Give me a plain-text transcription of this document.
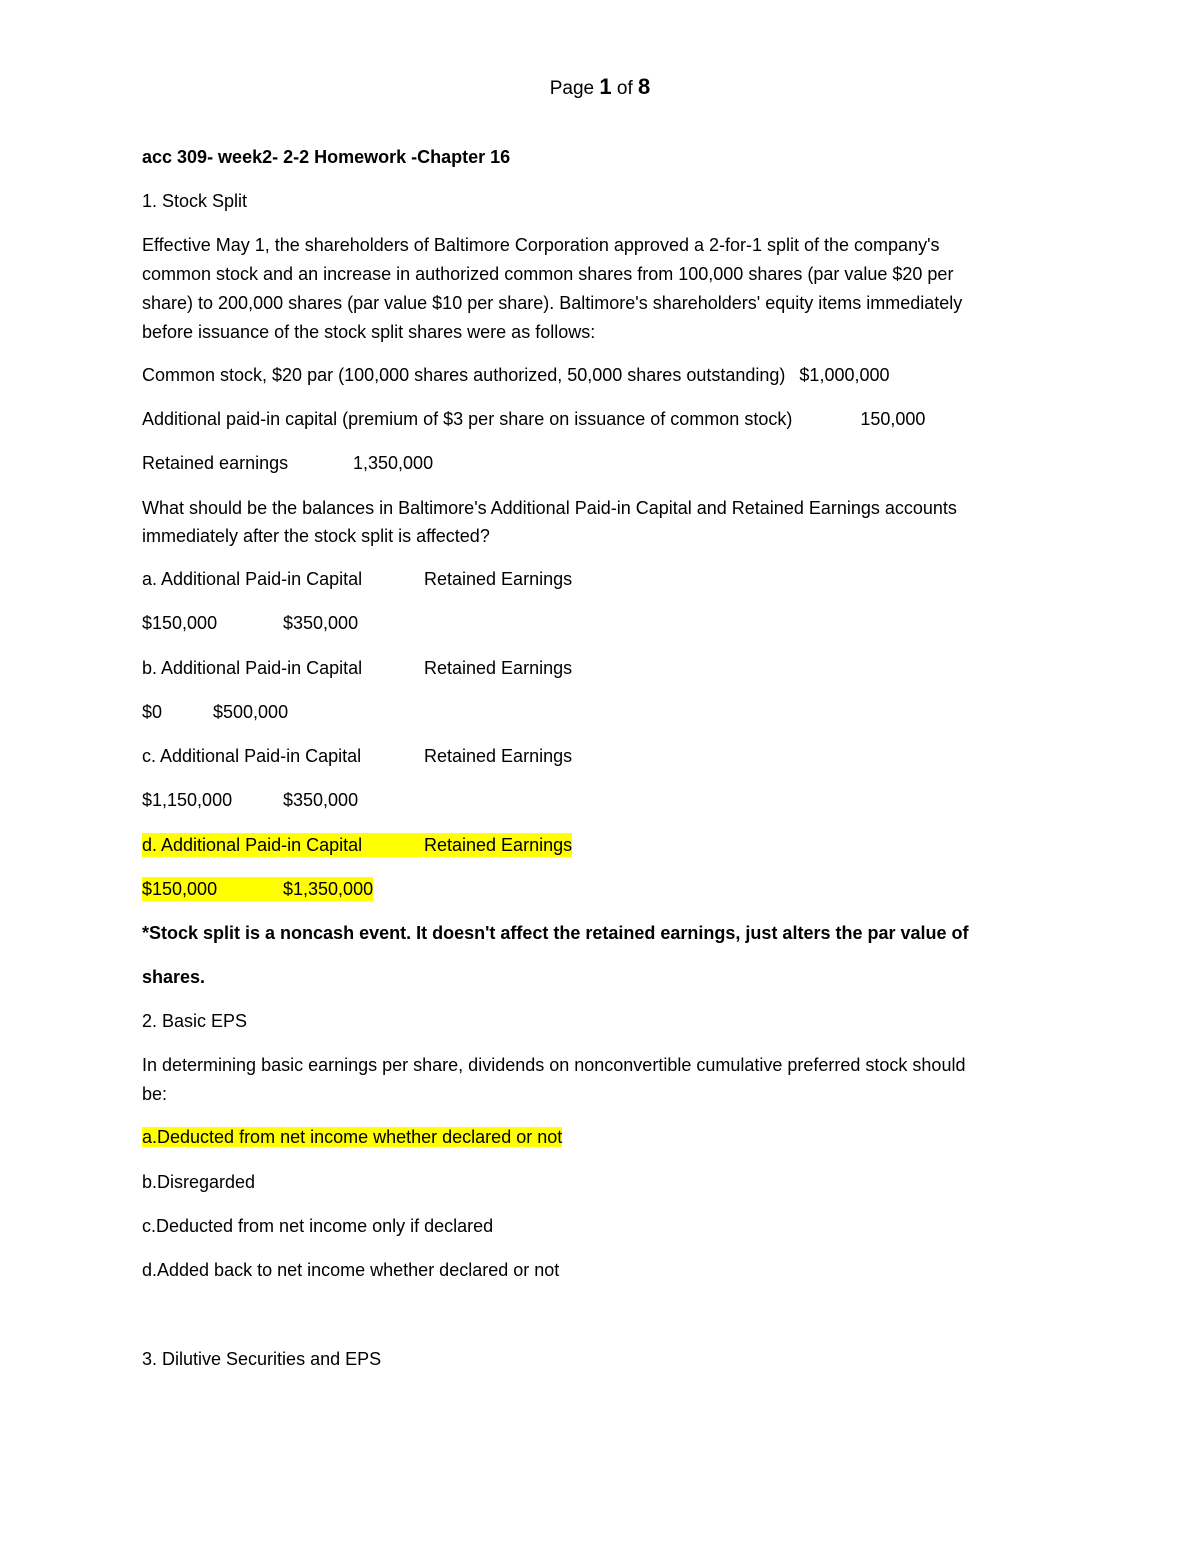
Page 1 of 8
acc 309- week2- 2-2 Homework -Chapter 16
1. Stock Split
Effective May 1, the shareholders of Baltimore Corporation approved a 2-for-1 split of the company's
common stock and an increase in authorized common shares from 100,000 shares (par value $20 per
share) to 200,000 shares (par value $10 per share). Baltimore's shareholders' equity items immediately
before issuance of the stock split shares were as follows:
Common stock, $20 par (100,000 shares authorized, 50,000 shares outstanding) $1,000,000
Additional paid-in capital (premium of $3 per share on issuance of common stock)	150,000
Retained earnings	1,350,000
What should be the balances in Baltimore's Additional Paid-in Capital and Retained Earnings accounts
immediately after the stock split is affected?
a. Additional Paid-in Capital	Retained Earnings
$150,000	$350,000
b. Additional Paid-in Capital	Retained Earnings
$0	$500,000
c. Additional Paid-in Capital	Retained Earnings
$1,150,000	$350,000
d. Additional Paid-in Capital	Retained Earnings
$150,000	$1,350,000
*Stock split is a noncash event. It doesn't affect the retained earnings, just alters the par value of
shares.
2. Basic EPS
In determining basic earnings per share, dividends on nonconvertible cumulative preferred stock should
be:
a.Deducted from net income whether declared or not
b.Disregarded
c.Deducted from net income only if declared
d.Added back to net income whether declared or not
3. Dilutive Securities and EPS
